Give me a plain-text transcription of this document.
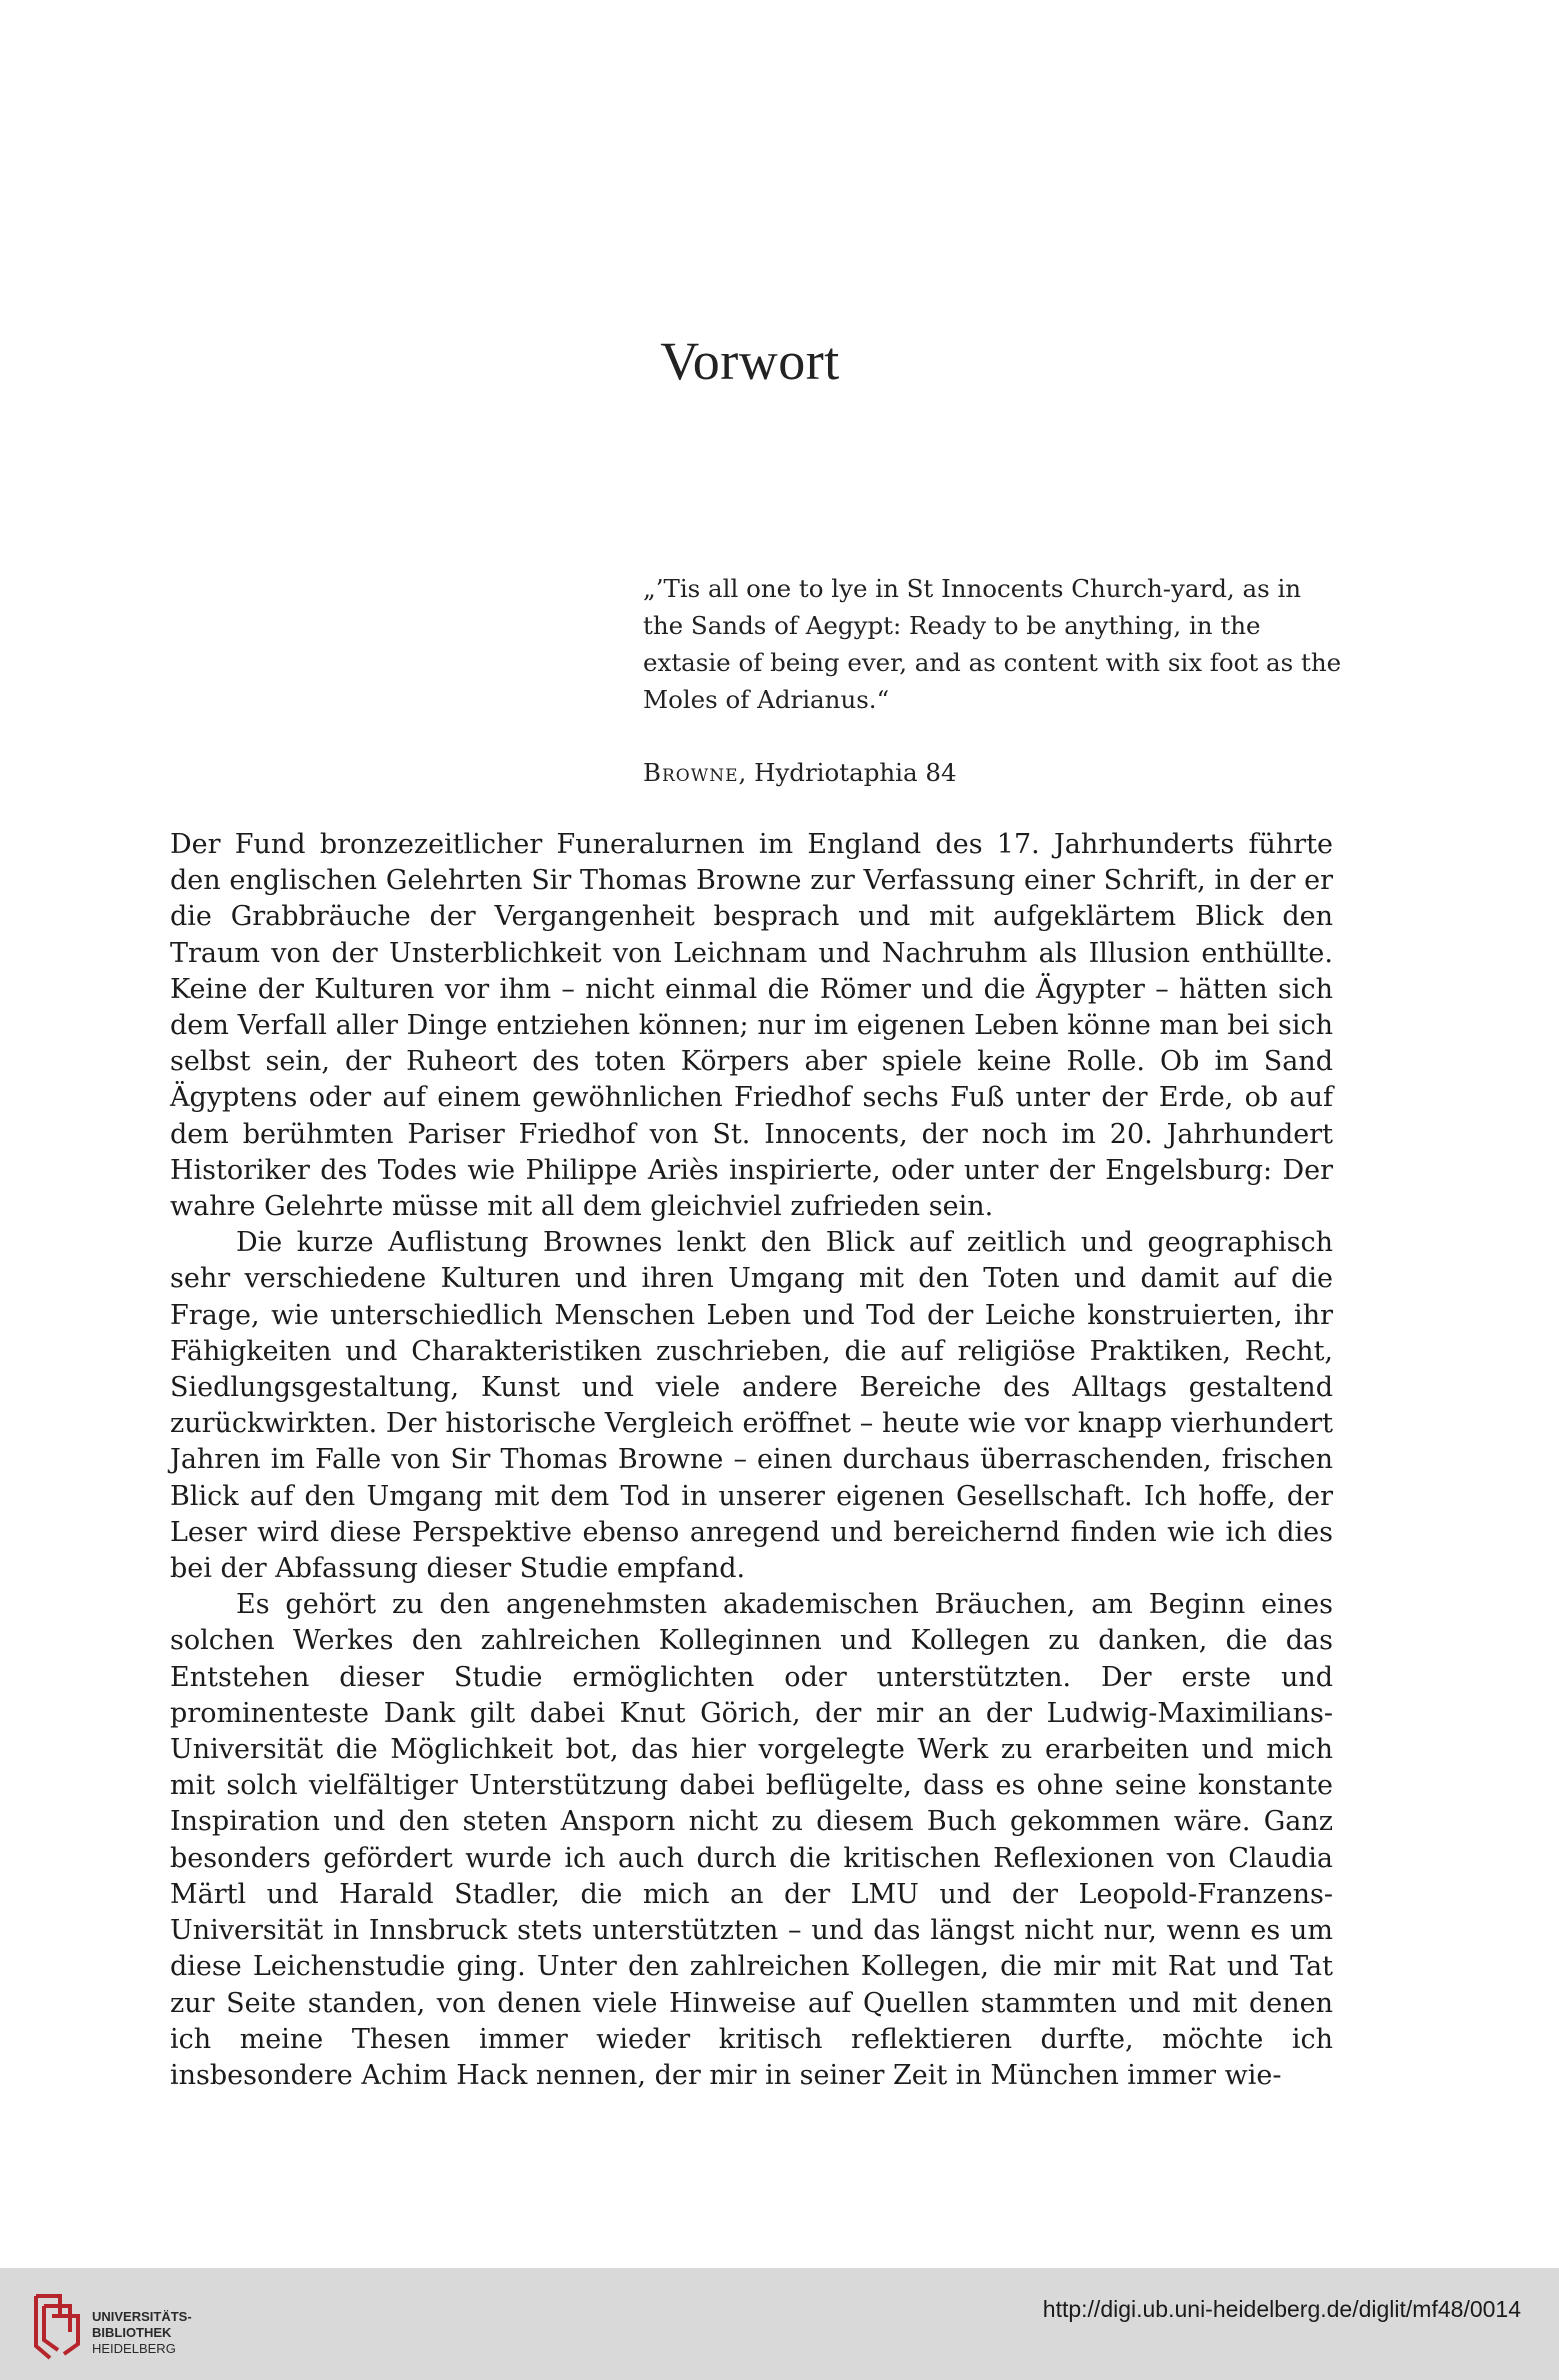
Vorwort

„’Tis all one to lye in St Innocents Church-yard, as in the Sands of Aegypt: Ready to be anything, in the extasie of being ever, and as content with six foot as the Moles of Adrianus.“

Browne, Hydriotaphia 84

Der Fund bronzezeitlicher Funeralurnen im England des 17. Jahrhunderts führte den englischen Gelehrten Sir Thomas Browne zur Verfassung einer Schrift, in der er die Grabbräuche der Vergangenheit besprach und mit aufgeklärtem Blick den Traum von der Unsterblichkeit von Leichnam und Nachruhm als Illusion enthüllte. Keine der Kulturen vor ihm – nicht einmal die Römer und die Ägypter – hätten sich dem Verfall aller Dinge entziehen können; nur im eigenen Leben könne man bei sich selbst sein, der Ruheort des toten Körpers aber spiele keine Rolle. Ob im Sand Ägyptens oder auf einem gewöhnlichen Friedhof sechs Fuß unter der Erde, ob auf dem berühmten Pariser Friedhof von St. Innocents, der noch im 20. Jahrhundert Historiker des Todes wie Philippe Ariès inspirierte, oder unter der Engelsburg: Der wahre Gelehrte müsse mit all dem gleichviel zufrieden sein.

Die kurze Auflistung Brownes lenkt den Blick auf zeitlich und geographisch sehr verschiedene Kulturen und ihren Umgang mit den Toten und damit auf die Frage, wie unterschiedlich Menschen Leben und Tod der Leiche konstruierten, ihr Fähigkeiten und Charakteristiken zuschrieben, die auf religiöse Praktiken, Recht, Siedlungsgestaltung, Kunst und viele andere Bereiche des Alltags gestaltend zurückwirkten. Der historische Vergleich eröffnet – heute wie vor knapp vierhundert Jahren im Falle von Sir Thomas Browne – einen durchaus überraschenden, frischen Blick auf den Umgang mit dem Tod in unserer eigenen Gesellschaft. Ich hoffe, der Leser wird diese Perspektive ebenso anregend und bereichernd finden wie ich dies bei der Abfassung dieser Studie empfand.

Es gehört zu den angenehmsten akademischen Bräuchen, am Beginn eines solchen Werkes den zahlreichen Kolleginnen und Kollegen zu danken, die das Entstehen dieser Studie ermöglichten oder unterstützten. Der erste und prominenteste Dank gilt dabei Knut Görich, der mir an der Ludwig-Maximilians-Universität die Möglichkeit bot, das hier vorgelegte Werk zu erarbeiten und mich mit solch vielfältiger Unterstützung dabei beflügelte, dass es ohne seine konstante Inspiration und den steten Ansporn nicht zu diesem Buch gekommen wäre. Ganz besonders gefördert wurde ich auch durch die kritischen Reflexionen von Claudia Märtl und Harald Stadler, die mich an der LMU und der Leopold-Franzens-Universität in Innsbruck stets unterstützten – und das längst nicht nur, wenn es um diese Leichenstudie ging. Unter den zahlreichen Kollegen, die mir mit Rat und Tat zur Seite standen, von denen viele Hinweise auf Quellen stammten und mit denen ich meine Thesen immer wieder kritisch reflektieren durfte, möchte ich insbesondere Achim Hack nennen, der mir in seiner Zeit in München immer wie-

UNIVERSITÄTS-
BIBLIOTHEK
HEIDELBERG
http://digi.ub.uni-heidelberg.de/diglit/mf48/0014
